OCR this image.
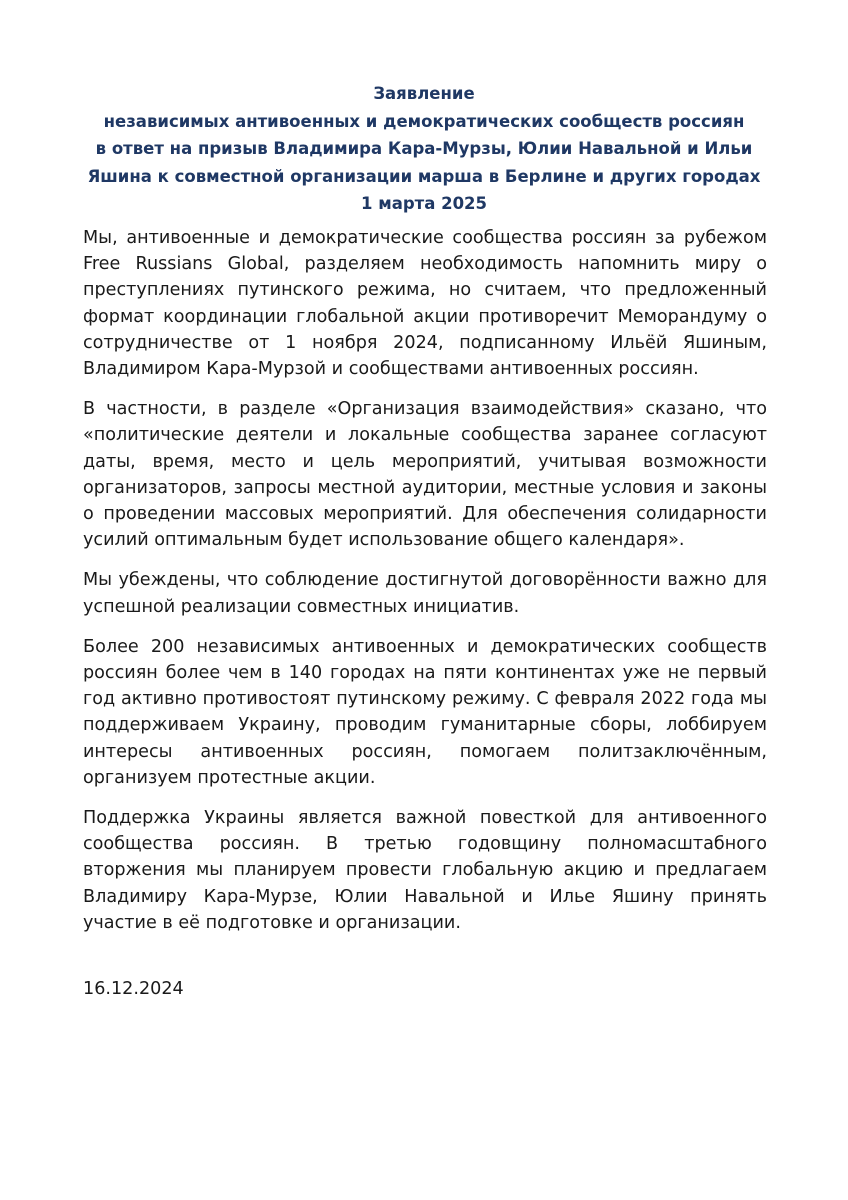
Заявление
независимых антивоенных и демократических сообществ россиян
в ответ на призыв Владимира Кара-Мурзы, Юлии Навальной и Ильи
Яшина к совместной организации марша в Берлине и других городах
1 марта 2025

Мы, антивоенные и демократические сообщества россиян за рубежом Free Russians Global, разделяем необходимость напомнить миру о преступлениях путинского режима, но считаем, что предложенный формат координации глобальной акции противоречит Меморандуму о сотрудничестве от 1 ноября 2024, подписанному Ильёй Яшиным, Владимиром Кара-Мурзой и сообществами антивоенных россиян.

В частности, в разделе «Организация взаимодействия» сказано, что «политические деятели и локальные сообщества заранее согласуют даты, время, место и цель мероприятий, учитывая возможности организаторов, запросы местной аудитории, местные условия и законы о проведении массовых мероприятий. Для обеспечения солидарности усилий оптимальным будет использование общего календаря».

Мы убеждены, что соблюдение достигнутой договорённости важно для успешной реализации совместных инициатив.

Более 200 независимых антивоенных и демократических сообществ россиян более чем в 140 городах на пяти континентах уже не первый год активно противостоят путинскому режиму. С февраля 2022 года мы поддерживаем Украину, проводим гуманитарные сборы, лоббируем интересы антивоенных россиян, помогаем политзаключённым, организуем протестные акции.

Поддержка Украины является важной повесткой для антивоенного сообщества россиян. В третью годовщину полномасштабного вторжения мы планируем провести глобальную акцию и предлагаем Владимиру Кара-Мурзе, Юлии Навальной и Илье Яшину принять участие в её подготовке и организации.

16.12.2024
